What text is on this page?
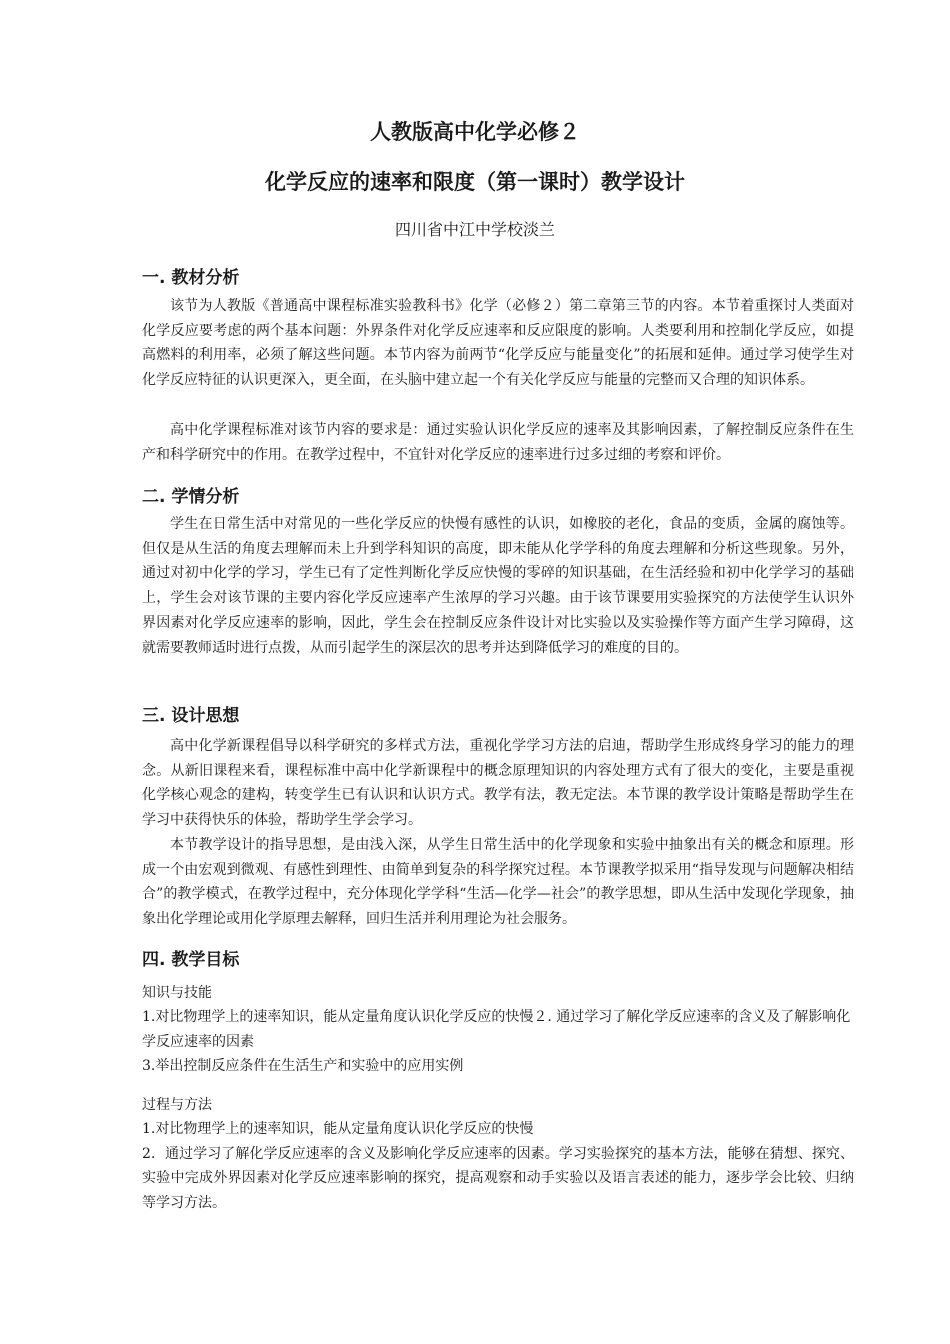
人教版高中化学必修２
化学反应的速率和限度（第一课时）教学设计
四川省中江中学校淡兰
一. 教材分析

该节为人教版《普通高中课程标准实验教科书》化学（必修２）第二章第三节的内容。本节着重探讨人类面对化学反应要考虑的两个基本问题：外界条件对化学反应速率和反应限度的影响。人类要利用和控制化学反应，如提高燃料的利用率，必须了解这些问题。本节内容为前两节“化学反应与能量变化”的拓展和延伸。通过学习使学生对化学反应特征的认识更深入，更全面，在头脑中建立起一个有关化学反应与能量的完整而又合理的知识体系。

高中化学课程标准对该节内容的要求是：通过实验认识化学反应的速率及其影响因素，了解控制反应条件在生产和科学研究中的作用。在教学过程中，不宜针对化学反应的速率进行过多过细的考察和评价。

二. 学情分析

学生在日常生活中对常见的一些化学反应的快慢有感性的认识，如橡胶的老化，食品的变质，金属的腐蚀等。但仅是从生活的角度去理解而未上升到学科知识的高度，即未能从化学学科的角度去理解和分析这些现象。另外，通过对初中化学的学习，学生已有了定性判断化学反应快慢的零碎的知识基础，在生活经验和初中化学学习的基础上，学生会对该节课的主要内容化学反应速率产生浓厚的学习兴趣。由于该节课要用实验探究的方法使学生认识外界因素对化学反应速率的影响，因此，学生会在控制反应条件设计对比实验以及实验操作等方面产生学习障碍，这就需要教师适时进行点拨，从而引起学生的深层次的思考并达到降低学习的难度的目的。

三. 设计思想

高中化学新课程倡导以科学研究的多样式方法，重视化学学习方法的启迪，帮助学生形成终身学习的能力的理念。从新旧课程来看，课程标准中高中化学新课程中的概念原理知识的内容处理方式有了很大的变化，主要是重视化学核心观念的建构，转变学生已有认识和认识方式。教学有法，教无定法。本节课的教学设计策略是帮助学生在学习中获得快乐的体验，帮助学生学会学习。

本节教学设计的指导思想，是由浅入深，从学生日常生活中的化学现象和实验中抽象出有关的概念和原理。形成一个由宏观到微观、有感性到理性、由简单到复杂的科学探究过程。本节课教学拟采用“指导发现与问题解决相结合”的教学模式，在教学过程中，充分体现化学学科“生活—化学—社会”的教学思想，即从生活中发现化学现象，抽象出化学理论或用化学原理去解释，回归生活并利用理论为社会服务。

四. 教学目标
知识与技能
1.对比物理学上的速率知识，能从定量角度认识化学反应的快慢２. 通过学习了解化学反应速率的含义及了解影响化学反应速率的因素
3.举出控制反应条件在生活生产和实验中的应用实例
过程与方法
1.对比物理学上的速率知识，能从定量角度认识化学反应的快慢
2．通过学习了解化学反应速率的含义及影响化学反应速率的因素。学习实验探究的基本方法，能够在猜想、探究、实验中完成外界因素对化学反应速率影响的探究，提高观察和动手实验以及语言表述的能力，逐步学会比较、归纳等学习方法。
